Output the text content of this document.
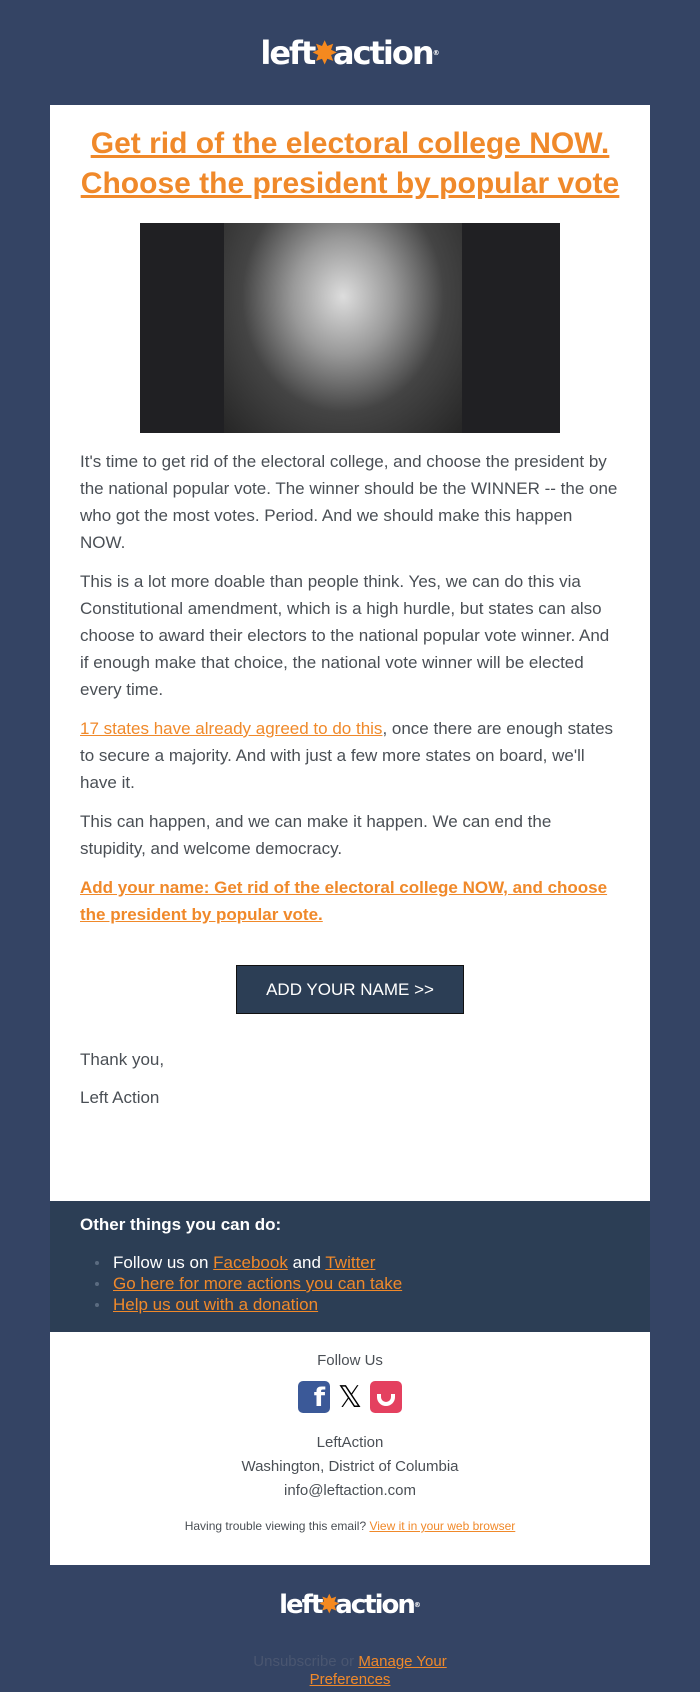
left
✸
action ®
Get rid of the electoral college NOW. Choose the president by popular vote

It's time to get rid of the electoral college, and choose the president by the national popular vote. The winner should be the WINNER -- the one who got the most votes. Period. And we should make this happen NOW.

This is a lot more doable than people think. Yes, we can do this via Constitutional amendment, which is a high hurdle, but states can also choose to award their electors to the national popular vote winner. And if enough make that choice, the national vote winner will be elected every time.

17 states have already agreed to do this, once there are enough states to secure a majority. And with just a few more states on board, we'll have it.

This can happen, and we can make it happen. We can end the stupidity, and welcome democracy.

Add your name: Get rid of the electoral college NOW, and choose the president by popular vote.

ADD YOUR NAME >>

Thank you,

Left Action

Other things you can do:
Follow us on Facebook and Twitter
Go here for more actions you can take
Help us out with a donation
Follow Us
f 𝕏
LeftAction
Washington, District of Columbia
info@leftaction.com
Having trouble viewing this email? View it in your web browser
left
✸
action ®
Unsubscribe or Manage Your Preferences
